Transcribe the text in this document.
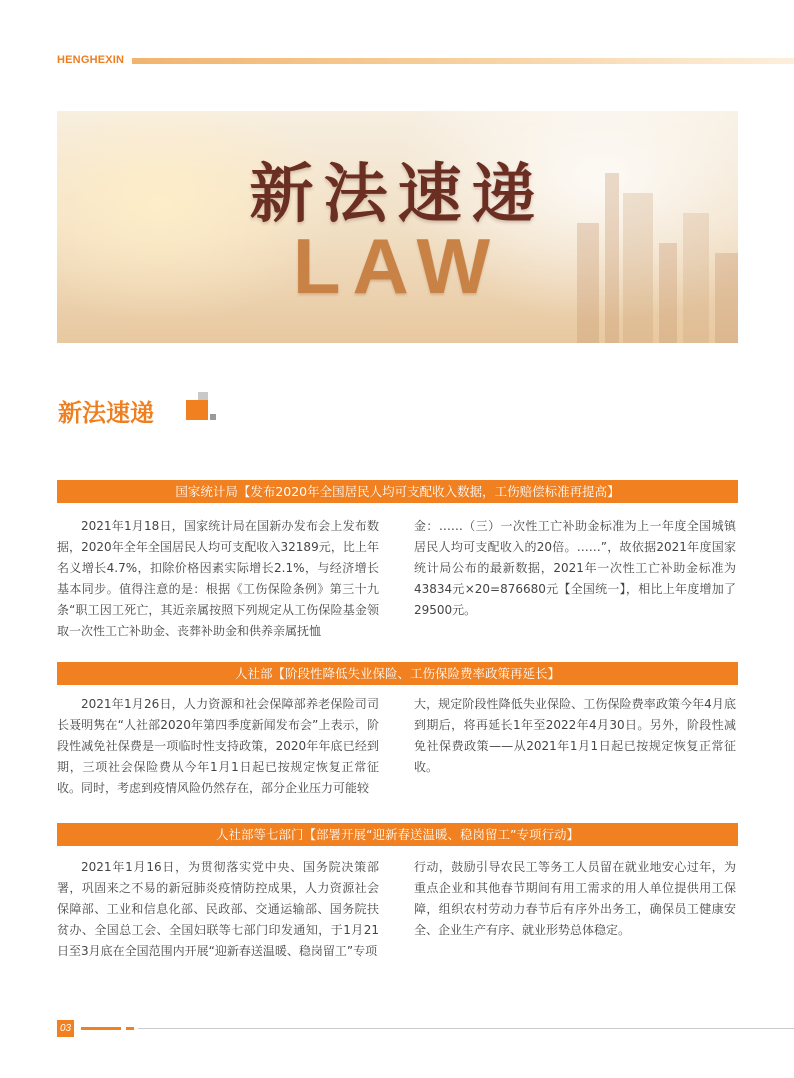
HENGHEXIN
新法速递
LAW
新法速递
国家统计局【发布2020年全国居民人均可支配收入数据，工伤赔偿标准再提高】

2021年1月18日，国家统计局在国新办发布会上发布数据，2020年全年全国居民人均可支配收入32189元，比上年名义增长4.7%，扣除价格因素实际增长2.1%，与经济增长基本同步。值得注意的是：根据《工伤保险条例》第三十九条“职工因工死亡，其近亲属按照下列规定从工伤保险基金领取一次性工亡补助金、丧葬补助金和供养亲属抚恤

金：……（三）一次性工亡补助金标准为上一年度全国城镇居民人均可支配收入的20倍。……”，故依据2021年度国家统计局公布的最新数据，2021年一次性工亡补助金标准为43834元×20=876680元【全国统一】，相比上年度增加了29500元。

人社部【阶段性降低失业保险、工伤保险费率政策再延长】

2021年1月26日，人力资源和社会保障部养老保险司司长聂明隽在“人社部2020年第四季度新闻发布会”上表示，阶段性减免社保费是一项临时性支持政策，2020年年底已经到期，三项社会保险费从今年1月1日起已按规定恢复正常征收。同时，考虑到疫情风险仍然存在，部分企业压力可能较

大，规定阶段性降低失业保险、工伤保险费率政策今年4月底到期后，将再延长1年至2022年4月30日。另外，阶段性减免社保费政策——从2021年1月1日起已按规定恢复正常征收。

人社部等七部门【部署开展“迎新春送温暖、稳岗留工”专项行动】

2021年1月16日，为贯彻落实党中央、国务院决策部署，巩固来之不易的新冠肺炎疫情防控成果，人力资源社会保障部、工业和信息化部、民政部、交通运输部、国务院扶贫办、全国总工会、全国妇联等七部门印发通知，于1月21日至3月底在全国范围内开展“迎新春送温暖、稳岗留工”专项

行动，鼓励引导农民工等务工人员留在就业地安心过年，为重点企业和其他春节期间有用工需求的用人单位提供用工保障，组织农村劳动力春节后有序外出务工，确保员工健康安全、企业生产有序、就业形势总体稳定。

03
